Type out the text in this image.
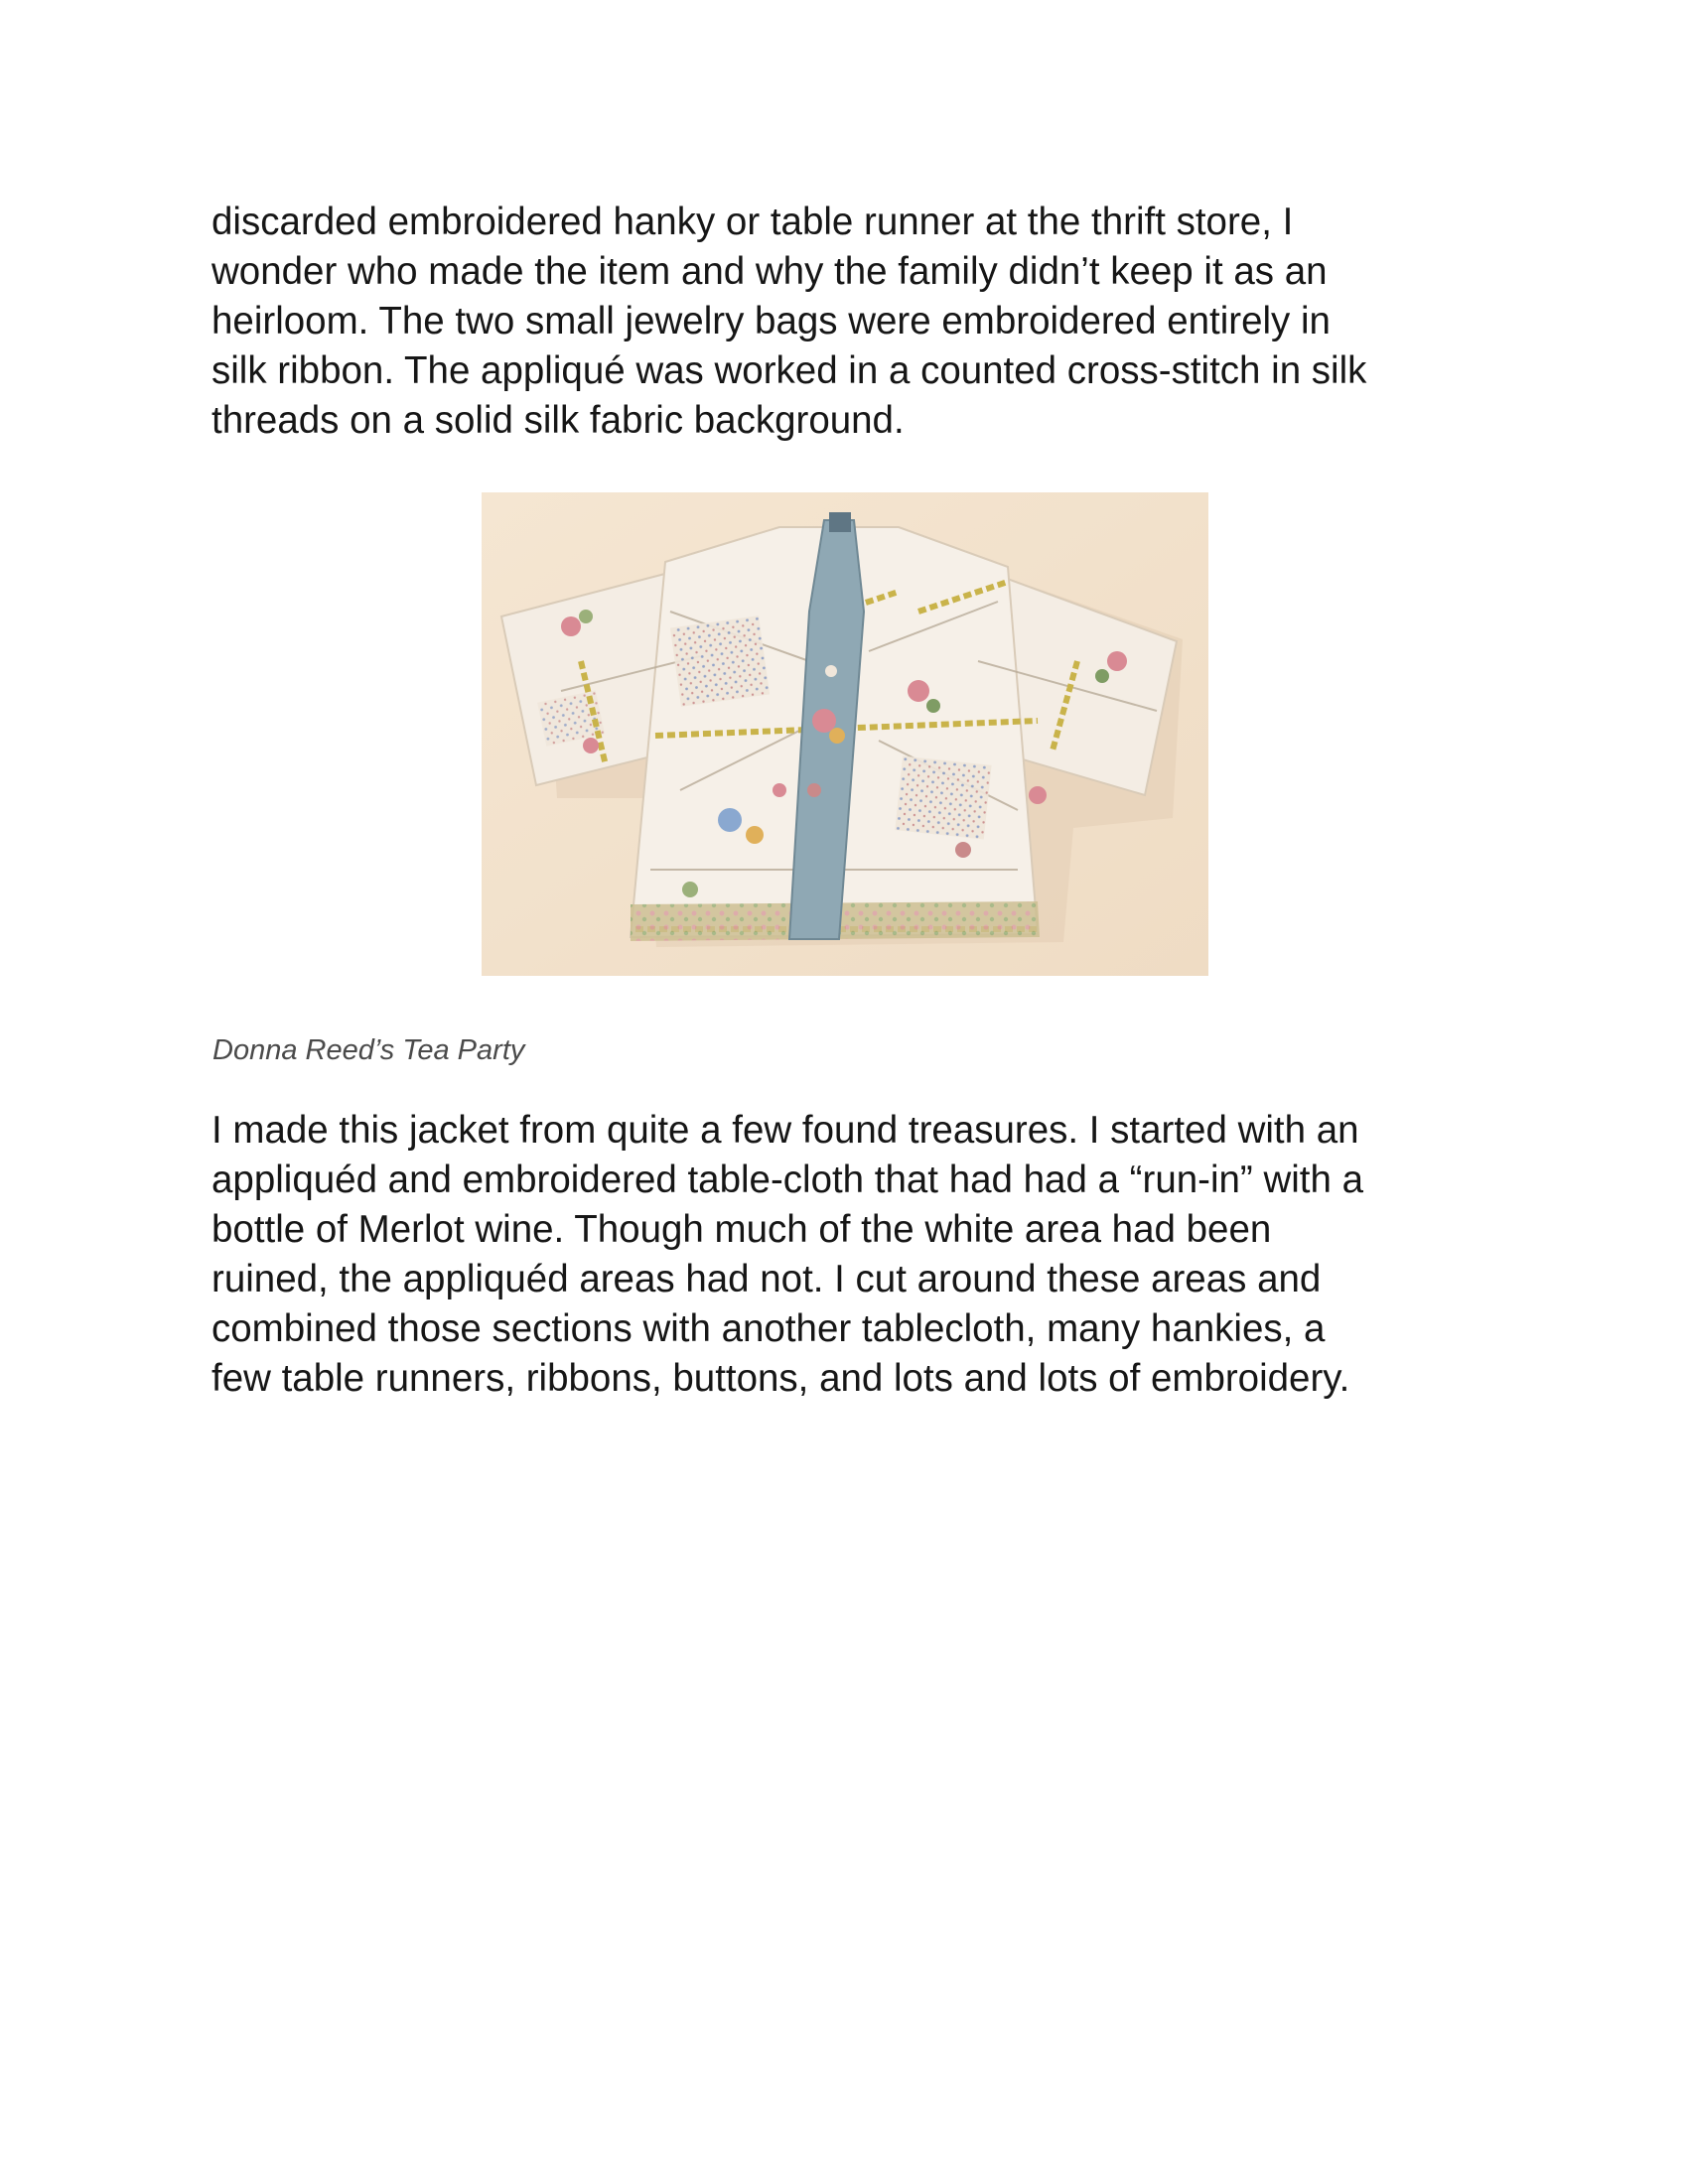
discarded embroidered hanky or table runner at the thrift store, I
wonder who made the item and why the family didn’t keep it as an
heirloom. The two small jewelry bags were embroidered entirely in
silk ribbon. The appliqué was worked in a counted cross-stitch in silk
threads on a solid silk fabric background.

Donna Reed’s Tea Party

I made this jacket from quite a few found treasures. I started with an
appliquéd and embroidered table-cloth that had had a “run-in” with a
bottle of Merlot wine. Though much of the white area had been
ruined, the appliquéd areas had not. I cut around these areas and
combined those sections with another tablecloth, many hankies, a
few table runners, ribbons, buttons, and lots and lots of embroidery.
